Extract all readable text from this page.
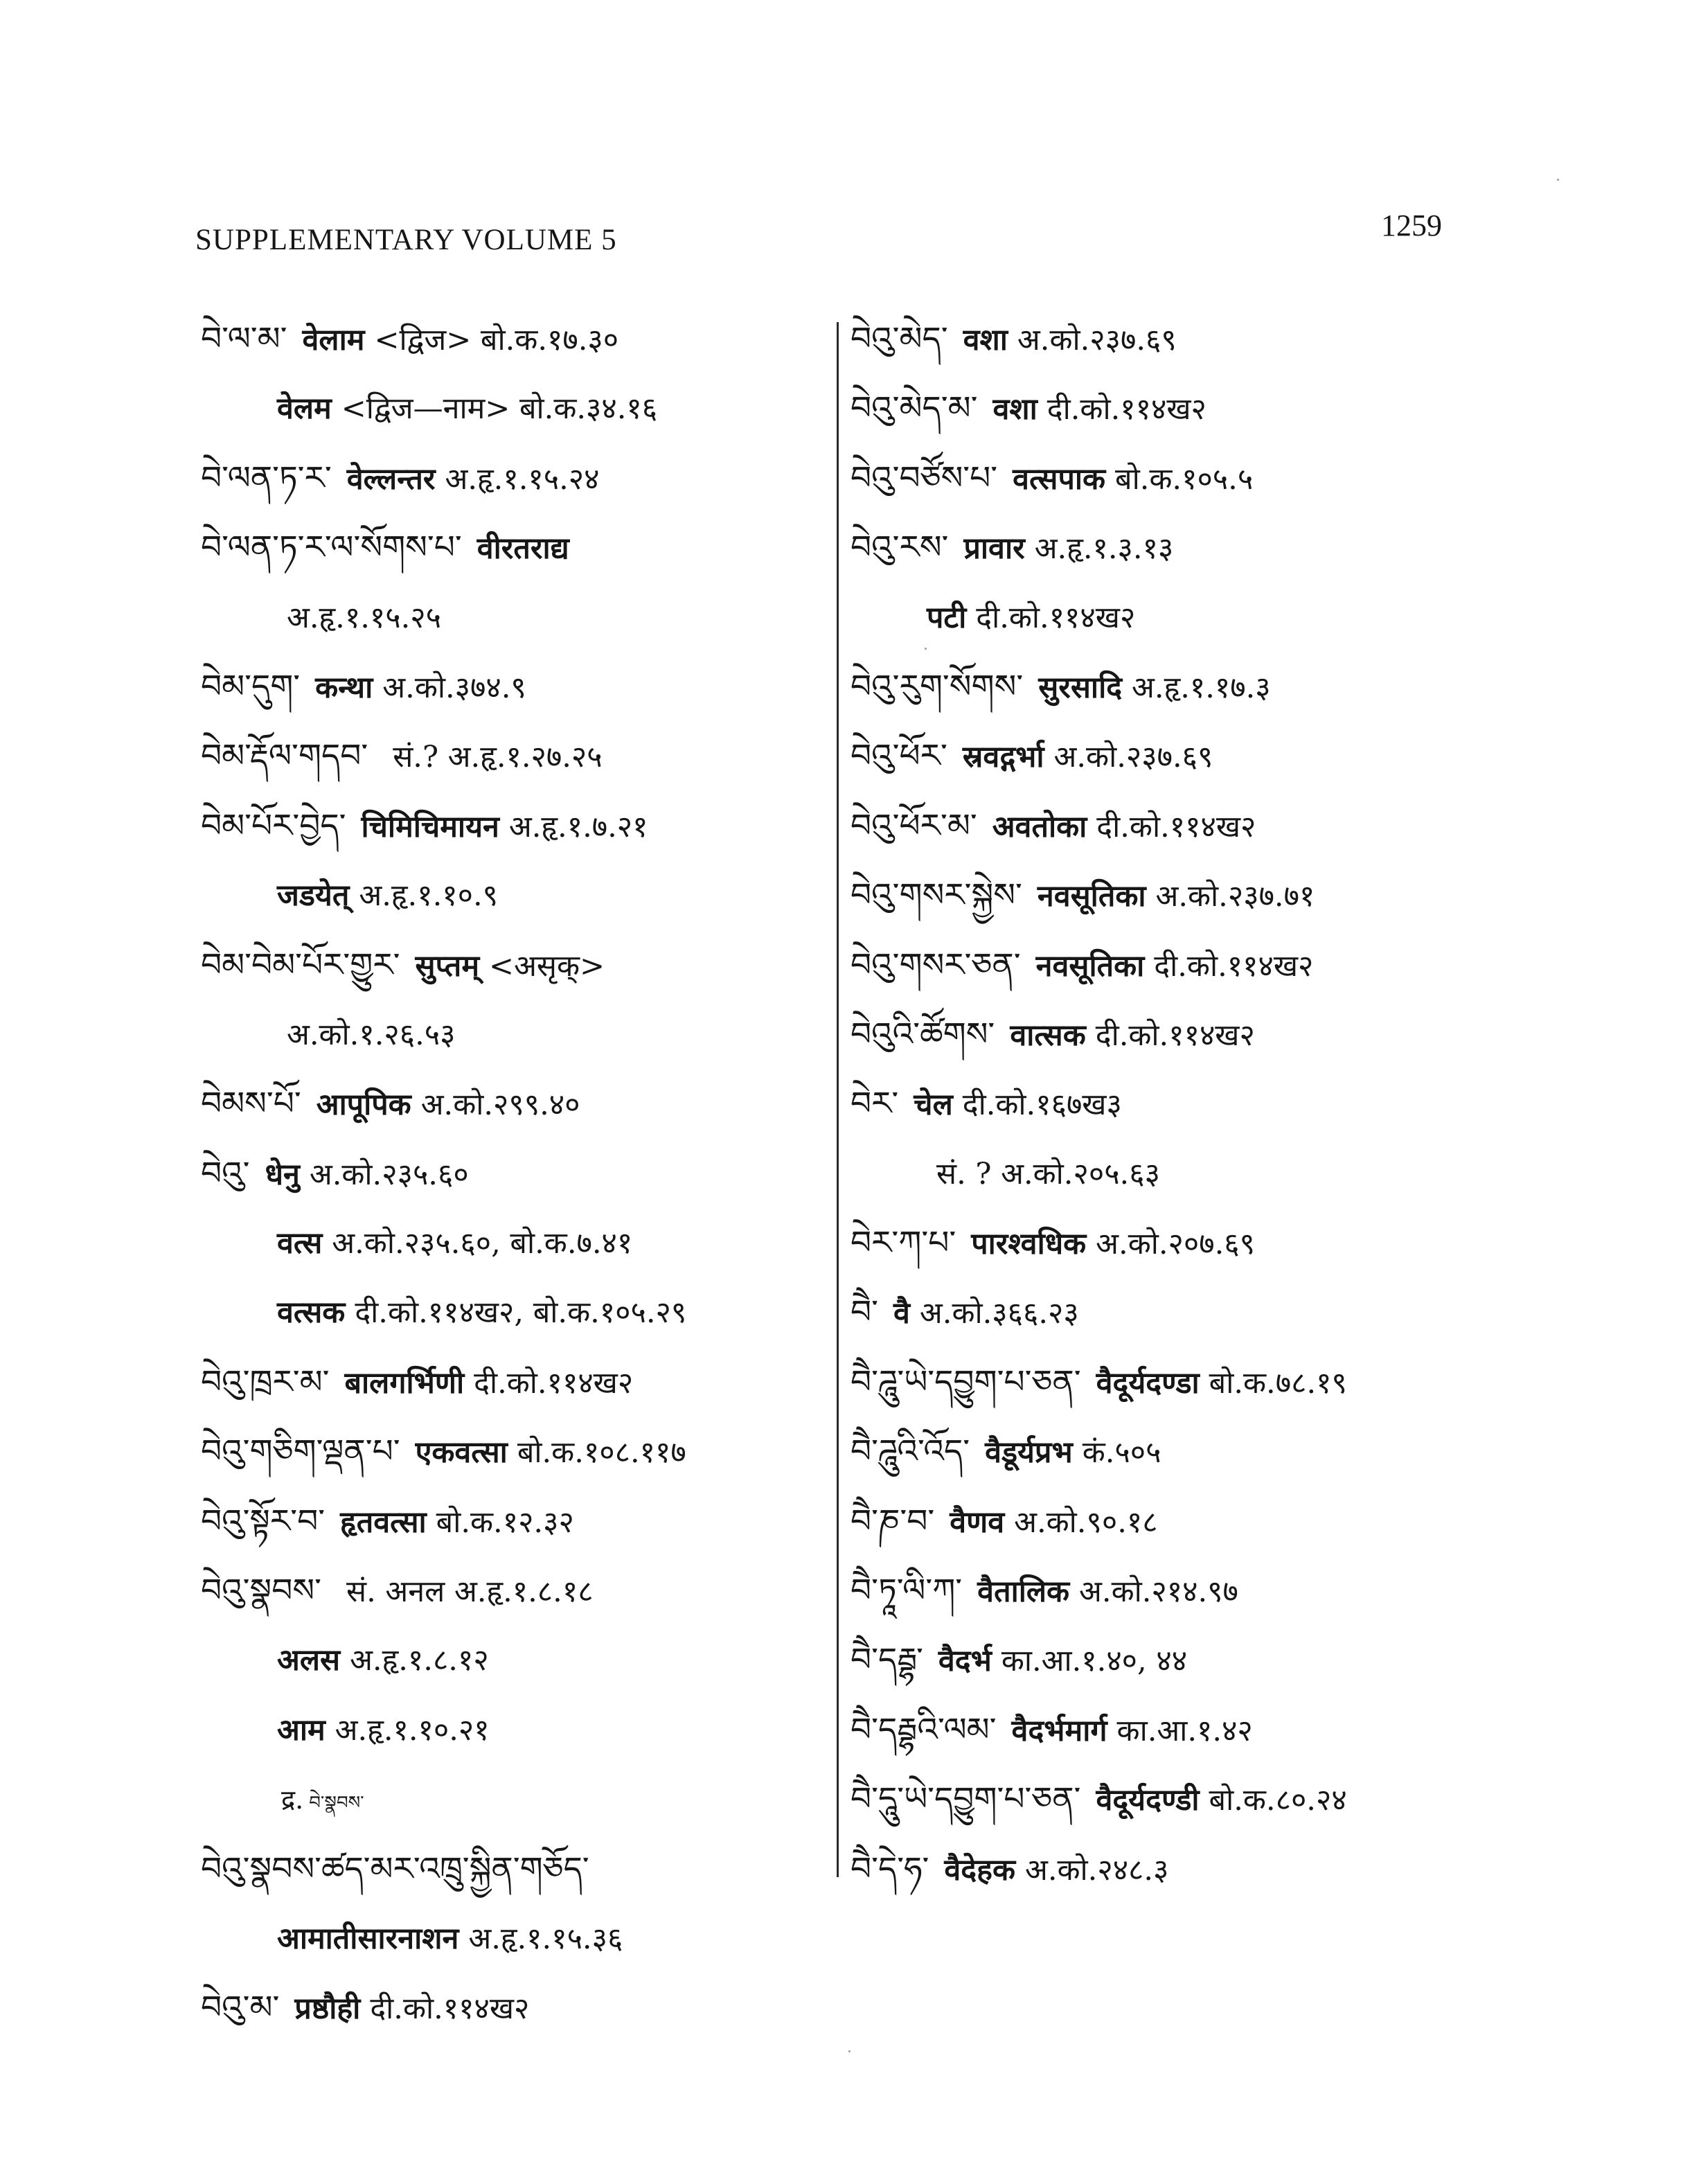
SUPPLEMENTARY VOLUME 5	1259
བེ་ལ་མ་ वेलाम <द्विज> बो.क.१७.३०
वेलम <द्विज—नाम> बो.क.३४.१६
བེ་ལན་ཏ་ར་ वेल्लन्तर अ.हृ.१.१५.२४
བེ་ལན་ཏ་ར་ལ་སོགས་པ་ वीरतराद्य
अ.हृ.१.१५.२५
བེམ་དུག་ कन्था अ.को.३७४.९
བེམ་རྡོལ་གདབ་ सं.? अ.हृ.१.२७.२५
བེམ་པོར་བྱེད་ चिमिचिमायन अ.हृ.१.७.२१
जडयेत् अ.हृ.१.१०.९
བེམ་བེམ་པོར་གྱུར་ सुप्तम् <असृक्>
अ.को.१.२६.५३
བེམས་པོ་ आपूपिक अ.को.२९९.४०
བེའུ་ धेनु अ.को.२३५.६०
वत्स अ.को.२३५.६०, बो.क.७.४१
वत्सक दी.को.११४ख२, बो.क.१०५.२९
བེའུ་ཁྲར་མ་ बालगर्भिणी दी.को.११४ख२
བེའུ་གཅིག་ལྡན་པ་ एकवत्सा बो.क.१०८.११७
བེའུ་སྟོར་བ་ हृतवत्सा बो.क.१२.३२
བེའུ་སྣབས་ सं. अनल अ.हृ.१.८.१८
अलस अ.हृ.१.८.१२
आम अ.हृ.१.१०.२१
द्र. བེ་སྣབས་
བེའུ་སྣབས་ཚད་མར་འཁྲུ་སྐྱིན་གཅོད་
आमातीसारनाशन अ.हृ.१.१५.३६
བེའུ་མ་ प्रष्ठौही दी.को.११४ख२
བེའུ་མེད་ वशा अ.को.२३७.६९
བེའུ་མེད་མ་ वशा दी.को.११४ख२
བེའུ་བཙོས་པ་ वत्सपाक बो.क.१०५.५
བེའུ་རས་ प्रावार अ.हृ.१.३.१३
पटी दी.को.११४ख२
བེའུ་རུག་སོགས་ सुरसादि अ.हृ.१.१७.३
བེའུ་ཕོར་ स्रवद्गर्भा अ.को.२३७.६९
བེའུ་ཕོར་མ་ अवतोका दी.को.११४ख२
བེའུ་གསར་སྐྱེས་ नवसूतिका अ.को.२३७.७१
བེའུ་གསར་ཅན་ नवसूतिका दी.को.११४ख२
བེའུའི་ཚོགས་ वात्सक दी.को.११४ख२
བེར་ चेल दी.को.१६७ख३
सं. ? अ.को.२०५.६३
བེར་ཀ་པ་ पारश्वधिक अ.को.२०७.६९
བཻ་ वै अ.को.३६६.२३
བཻ་ཌཱུ་ཡེ་དབྱུག་པ་ཅན་ वैदूर्यदण्डा बो.क.७८.१९
བཻ་ཌཱུའི་འོད་ वैडूर्यप्रभ कं.५०५
བཻ་ཎ་བ་ वैणव अ.को.९०.१८
བཻ་ཏཱ་ལི་ཀ་ वैतालिक अ.को.२१४.९७
བཻ་དརྦྷ་ वैदर्भ का.आ.१.४०, ४४
བཻ་དརྦྷའི་ལམ་ वैदर्भमार्ग का.आ.१.४२
བཻ་དཱུ་ཡེ་དབྱུག་པ་ཅན་ वैदूर्यदण्डी बो.क.८०.२४
བཻ་དེ་ཧ་ वैदेहक अ.को.२४८.३
